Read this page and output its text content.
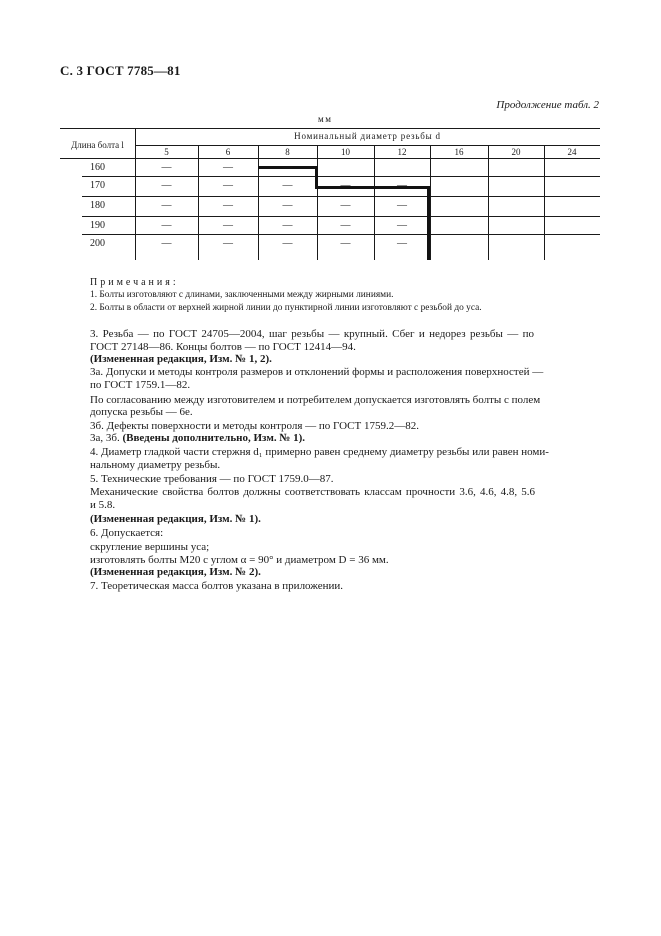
С. 3 ГОСТ 7785—81
Продолжение табл. 2
мм
Длина болта l
Номинальный диаметр резьбы d
5	6	8	10	12	16	20	24
160	—	—	—
170	—	—	—	—	—
180	—	—	—	—	—
190	—	—	—	—	—
200	—	—	—	—	—
Примечания:
1. Болты изготовляют с длинами, заключенными между жирными линиями.
2. Болты в области от верхней жирной линии до пунктирной линии изготовляют с резьбой до уса.
3. Резьба — по ГОСТ 24705—2004, шаг резьбы — крупный. Сбег и недорез резьбы — по
ГОСТ 27148—86. Концы болтов — по ГОСТ 12414—94.
(Измененная редакция, Изм. № 1, 2).
3а. Допуски и методы контроля размеров и отклонений формы и расположения поверхностей —
по ГОСТ 1759.1—82.
По согласованию между изготовителем и потребителем допускается изготовлять болты с полем
допуска резьбы — 6е.
3б. Дефекты поверхности и методы контроля — по ГОСТ 1759.2—82.
3а, 3б. (Введены дополнительно, Изм. № 1).
4. Диаметр гладкой части стержня d₁ примерно равен среднему диаметру резьбы или равен номи-
нальному диаметру резьбы.
5. Технические требования — по ГОСТ 1759.0—87.
Механические свойства болтов должны соответствовать классам прочности 3.6, 4.6, 4.8, 5.6
и 5.8.
(Измененная редакция, Изм. № 1).
6. Допускается:
скругление вершины уса;
изготовлять болты М20 с углом α = 90° и диаметром D = 36 мм.
(Измененная редакция, Изм. № 2).
7. Теоретическая масса болтов указана в приложении.
